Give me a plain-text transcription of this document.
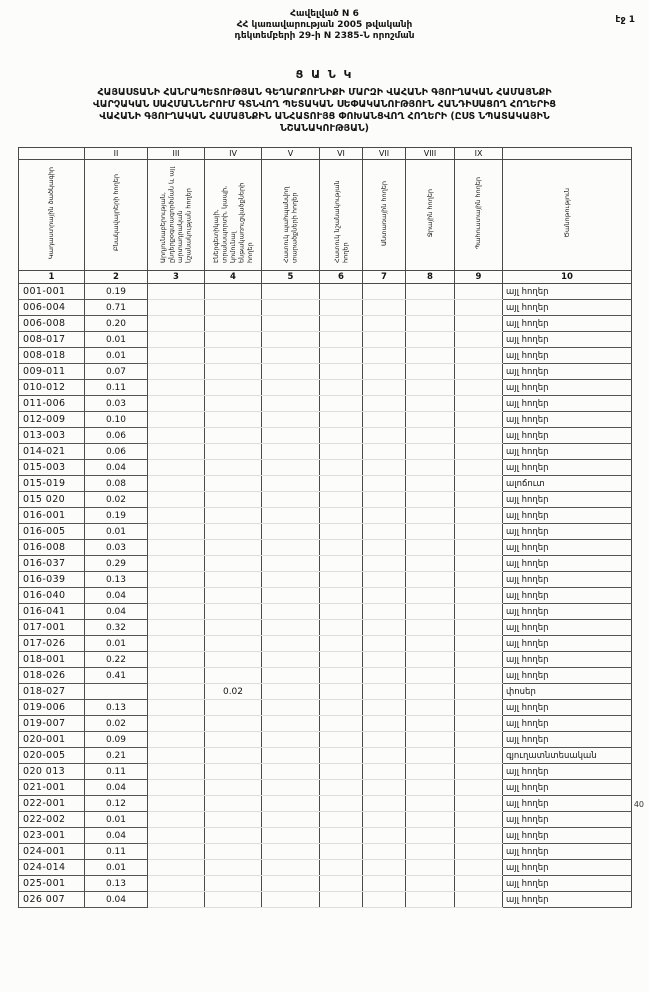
էջ 1
Հավելված N 6
ՀՀ կառավարության 2005 թվականի
դեկտեմբերի 29-ի N 2385-Ն որոշման
Ց Ա Ն Կ
ՀԱՅԱՍՏԱՆԻ ՀԱՆՐԱՊԵՏՈՒԹՅԱՆ ԳԵՂԱՐՔՈՒՆԻՔԻ ՄԱՐԶԻ ՎԱՀԱՆԻ ԳՅՈՒՂԱԿԱՆ ՀԱՄԱՅՆՔԻ
ՎԱՐՉԱԿԱՆ ՍԱՀՄԱՆՆԵՐՈՒՄ ԳՏՆՎՈՂ ՊԵՏԱԿԱՆ ՍԵՓԱԿԱՆՈՒԹՅՈՒՆ ՀԱՆԴԻՍԱՑՈՂ ՀՈՂԵՐԻՑ
ՎԱՀԱՆԻ ԳՅՈՒՂԱԿԱՆ ՀԱՄԱՅՆՔԻՆ ԱՆՀԱՏՈՒՅՑ ՓՈԽԱՆՑՎՈՂ ՀՈՂԵՐԻ (ԸՍՏ ՆՊԱՏԱԿԱՅԻՆ
ՆՇԱՆԱԿՈՒԹՅԱՆ)
	II	III	IV	V	VI	VII	VIII	IX	
Կադաստրային ծածկագիր	Բնակավայրերի հողեր	Արդյունաբերության, ընդերքօգտագործման և այլ արտադրական նշանակության հողեր	Էներգետիկայի, տրանսպորտի, կապի, կոմունալ ենթակառուցվածքների հողեր	Հատուկ պահպանվող տարածքների հողեր	Հատուկ նշանակության հողեր	Անտառային հողեր	Ջրային հողեր	Պահուստային հողեր	Ծանոթություն
1	2	3	4	5	6	7	8	9	10
001-001	0.19								այլ հողեր
006-004	0.71								այլ հողեր
006-008	0.20								այլ հողեր
008-017	0.01								այլ հողեր
008-018	0.01								այլ հողեր
009-011	0.07								այլ հողեր
010-012	0.11								այլ հողեր
011-006	0.03								այլ հողեր
012-009	0.10								այլ հողեր
013-003	0.06								այլ հողեր
014-021	0.06								այլ հողեր
015-003	0.04								այլ հողեր
015-019	0.08								ալոճուտ
015 020	0.02								այլ հողեր
016-001	0.19								այլ հողեր
016-005	0.01								այլ հողեր
016-008	0.03								այլ հողեր
016-037	0.29								այլ հողեր
016-039	0.13								այլ հողեր
016-040	0.04								այլ հողեր
016-041	0.04								այլ հողեր
017-001	0.32								այլ հողեր
017-026	0.01								այլ հողեր
018-001	0.22								այլ հողեր
018-026	0.41								այլ հողեր
018-027			0.02						փոսեր
019-006	0.13								այլ հողեր
019-007	0.02								այլ հողեր
020-001	0.09								այլ հողեր
020-005	0.21								գյուղատնտեսական
020 013	0.11								այլ հողեր
021-001	0.04								այլ հողեր
022-001	0.12								այլ հողեր
022-002	0.01								այլ հողեր
023-001	0.04								այլ հողեր
024-001	0.11								այլ հողեր
024-014	0.01								այլ հողեր
025-001	0.13								այլ հողեր
026 007	0.04								այլ հողեր
40
